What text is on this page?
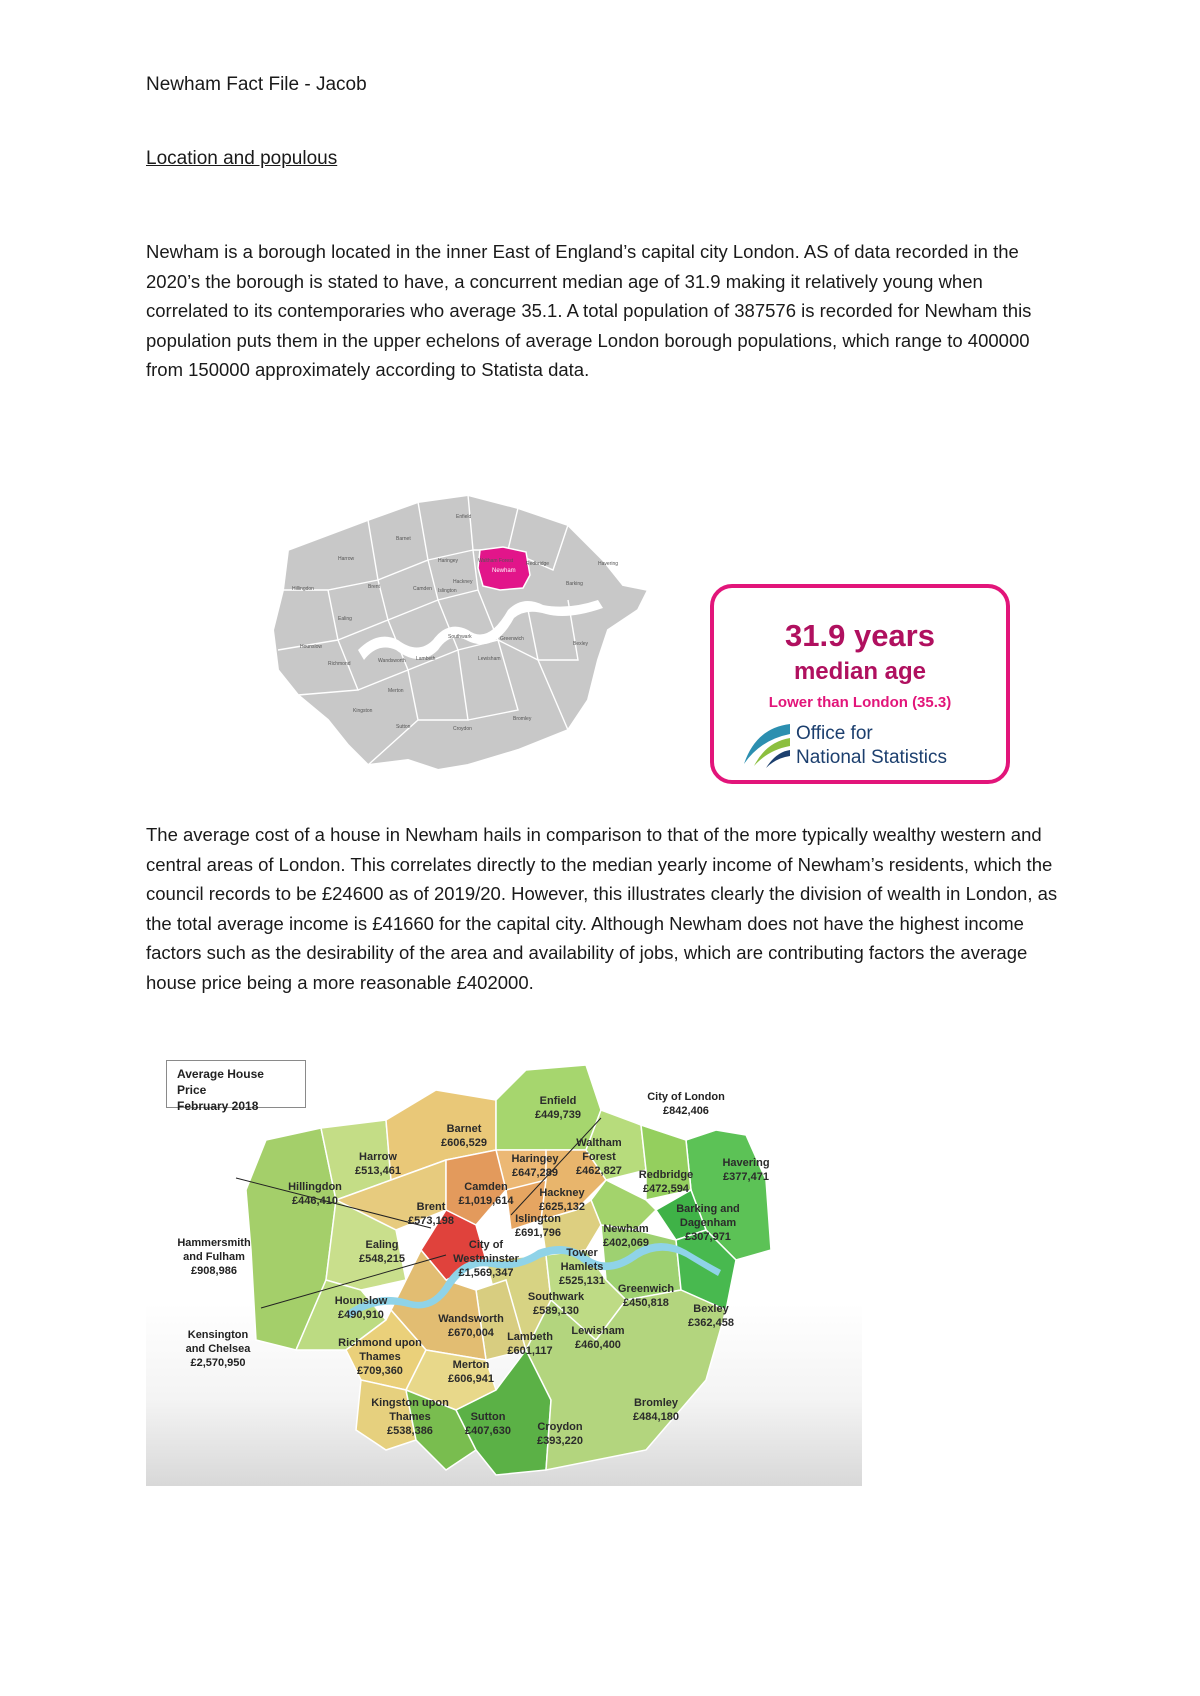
Newham Fact File - Jacob
Location and populous
Newham is a borough located in the inner East of England’s capital city London. AS of data recorded in the 2020’s the borough is stated to have, a concurrent median age of 31.9 making it relatively young when correlated to its contemporaries who average 35.1. A total population of 387576 is recorded for Newham this population puts them in the upper echelons of average London borough populations, which range to 400000 from 150000 approximately according to Statista data.
Enfield
Barnet
Harrow
Hillingdon
Ealing
Brent
Haringey	Waltham Forest	Redbridge	Havering
Camden Islington
Hackney
Newham
Barking
Hounslow
Richmond	Wandsworth Lambeth
Southwark
Lewisham
Greenwich
Bexley
Merton
Sutton	Croydon
Bromley
Kingston
31.9 years
median age
Lower than London (35.3)
Office for
National Statistics
The average cost of a house in Newham hails in comparison to that of the more typically wealthy western and central areas of London. This correlates directly to the median yearly income of Newham’s residents, which the council records to be £24600 as of 2019/20. However, this illustrates clearly the division of wealth in London, as the total average income is £41660 for the capital city. Although Newham does not have the highest income factors such as the desirability of the area and availability of jobs, which are contributing factors the average house price being a more reasonable £402000.
Average House Price
February 2018	Enfield
£449,739
Barnet
£606,529
Harrow
£513,461
Hillingdon
£446,410
Haringey
£647,289
Waltham Forest
£462,827	Redbridge
£472,594
Havering
£377,471
Camden
£1,019,614
Hackney
£625,132
Brent
£573,198	Islington
£691,796
Barking and Dagenham
£307,971
Ealing
£548,215
City of Westminster
£1,569,347
Newham
£402,069
Tower Hamlets
£525,131
Hounslow
£490,910
Southwark
£589,130
Greenwich
£450,818	Bexley
£362,458
Wandsworth
£670,004	Lambeth
£601,117
Lewisham
£460,400
Richmond upon Thames
£709,360	Merton
£606,941
Kingston upon Thames
£538,386
Sutton
£407,630 Croydon
£393,220
Bromley
£484,180
City of London
£842,406
Hammersmith
and Fulham
£908,986
Kensington
and Chelsea
£2,570,950
